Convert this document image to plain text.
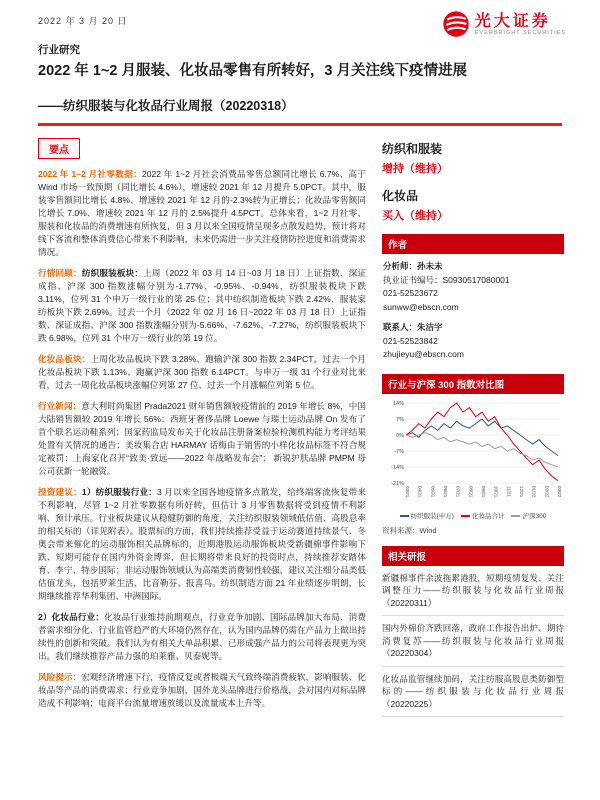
2022 年 3 月 20 日	光大证券
EVERBRIGHT SECURITIES
行业研究
2022 年 1~2 月服装、化妆品零售有所转好，3 月关注线下疫情进展
——纺织服装与化妆品行业周报（20220318）
要点

2022 年 1~2 月社零数据：2022 年 1~2 月社会消费品零售总额同比增长 6.7%、高于 Wind 市场一致预期（同比增长 4.6%），增速较 2021 年 12 月提升 5.0PCT。其中，服装零售额同比增长 4.8%、增速较 2021 年 12 月的-2.3%转为正增长；化妆品零售额同比增长 7.0%、增速较 2021 年 12 月的 2.5%提升 4.5PCT。总体来看，1~2 月社零、服装和化妆品的消费增速有所恢复，但 3 月以来全国疫情呈现多点散发趋势，预计将对线下客流和整体消费信心带来不利影响，未来仍需进一步关注疫情防控进度和消费需求情况。

行情回顾：纺织服装板块：上周（2022 年 03 月 14 日~03 月 18 日）上证指数、深证成指、沪深 300 指数涨幅分别为-1.77%、-0.95%、-0.94%，纺织服装板块下跌 3.11%，位列 31 个申万一级行业的第 25 位；其中纺织制造板块下跌 2.42%、服装家纺板块下跌 2.69%。过去一个月（2022 年 02 月 16 日~2022 年 03 月 18 日）上证指数、深证成指、沪深 300 指数涨幅分别为-5.66%、-7.62%、-7.27%，纺织服装板块下跌 6.98%，位列 31 个申万一级行业的第 19 位。

化妆品板块：上周化妆品板块下跌 3.28%、跑输沪深 300 指数 2.34PCT。过去一个月化妆品板块下跌 1.13%、跑赢沪深 300 指数 6.14PCT。与申万一级 31 个行业对比来看，过去一周化妆品板块涨幅位列第 27 位、过去一个月涨幅位列第 5 位。

行业新闻：意大利时尚集团 Prada2021 财年销售额较疫情前的 2019 年增长 8%，中国大陆销售额较 2019 年增长 56%；西班牙奢侈品牌 Loewe 与瑞士运动品牌 On 发布了首个联名运动鞋系列；国家药监局发布关于化妆品注册备案检验检测机构能力考评结果处置有关情况的通告；美妆集合店 HARMAY 话梅由于销售的小样化妆品标签不符合规定被罚；上海家化召开“致美·致远——2022 年战略发布会”； 新锐护肤品牌 PMPM 母公司获新一轮融资。

投资建议：1）纺织服装行业：3 月以来全国各地疫情多点散发，给终端客流恢复带来不利影响，尽管 1~2 月社零数据有所好转，但估计 3 月零售数据将受到疫情不利影响、预计承压。行业板块建议从稳健防御的角度，关注纺织服装领域低估值、高股息率的相关标的（详见附表）。股票标的方面，我们持续推荐受益于运动赛道持续景气、冬奥会带来催化的运动服饰相关品牌标的，近期港股运动服饰板块受新疆棉事件影响下跌、短期可能存在国内外资金博弈，但长期将带来良好的投资时点，持续推荐安踏体育、李宁、特步国际；非运动服饰领域认为高端类消费韧性较强，建议关注细分品类低估值龙头，包括罗莱生活、比音勒芬、报喜鸟。纺织制造方面 21 年业绩逐步明朗，长期继续推荐华利集团、申洲国际。

2）化妆品行业：化妆品行业维持前期观点，行业竞争加剧、国际品牌加大布局、消费者需求细分化、行业监管趋严的大环境仍然存在，认为国内品牌仍需在产品力上做出持续性的创新和突破。我们认为有相关大单品积累、已形成强产品力的公司将表现更为突出。我们继续推荐产品力强的珀莱雅、贝泰妮等。

风险提示：宏观经济增速下行，疫情反复或者极端天气致终端消费疲软，影响服装、化妆品等产品的消费需求；行业竞争加剧，国外龙头品牌进行价格战，会对国内对标品牌造成不利影响；电商平台流量增速放缓以及流量成本上升等。

纺织和服装
增持（维持）
化妆品
买入（维持）
作者
分析师：孙未未
执业证书编号：S0930517080001
021-52523672
sunww@ebscn.com
联系人：朱洁宇
021-52523842
zhujieyu@ebscn.com
行业与沪深 300 指数对比图
14%
7%
0%
-7%
-14%
-21%
03/21 04/21 05/21 06/21 07/21 08/21 09/21 10/21 11/21 12/21 01/22 02/22 03/22
纺织服装(申万)	化妆品合计	沪深300
资料来源：Wind
相关研报
新疆棉事件余波拖累港股，短期疫情复发、关注调整压力——纺织服装与化妆品行业周报（20220311）
国内外棉价齐跌回落，政府工作报告出炉、期待消费复苏——纺织服装与化妆品行业周报（20220304）
化妆品监管继续加码，关注纺服高股息类防御型标的——纺织服装与化妆品行业周报（20220225）
